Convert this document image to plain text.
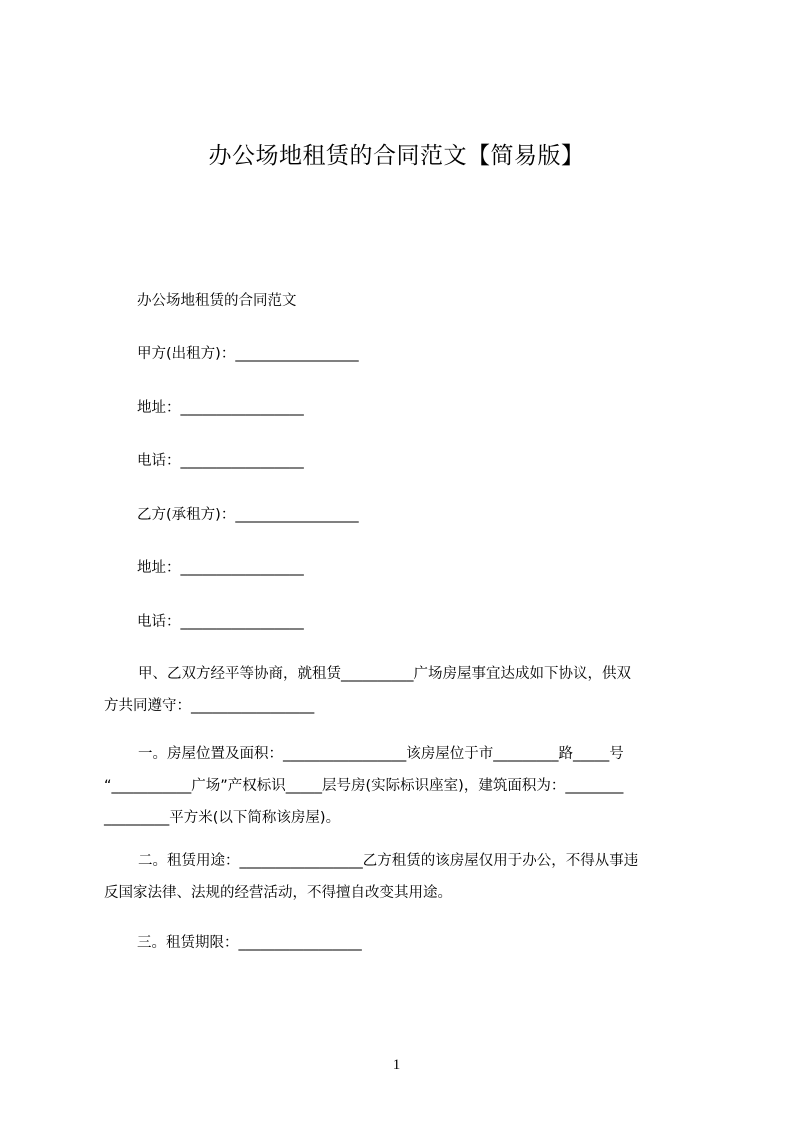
办公场地租赁的合同范文【简易版】

办公场地租赁的合同范文

甲方(出租方)：_________________

地址：_________________

电话：_________________

乙方(承租方)：_________________

地址：_________________

电话：_________________

甲、乙双方经平等协商，就租赁__________广场房屋事宜达成如下协议，供双
方共同遵守：_________________
一。房屋位置及面积：_________________该房屋位于市_________路_____号
“___________广场”产权标识_____层号房(实际标识座室)，建筑面积为：________
_________平方米(以下简称该房屋)。
二。租赁用途：_________________乙方租赁的该房屋仅用于办公，不得从事违
反国家法律、法规的经营活动，不得擅自改变其用途。

三。租赁期限：_________________

1
